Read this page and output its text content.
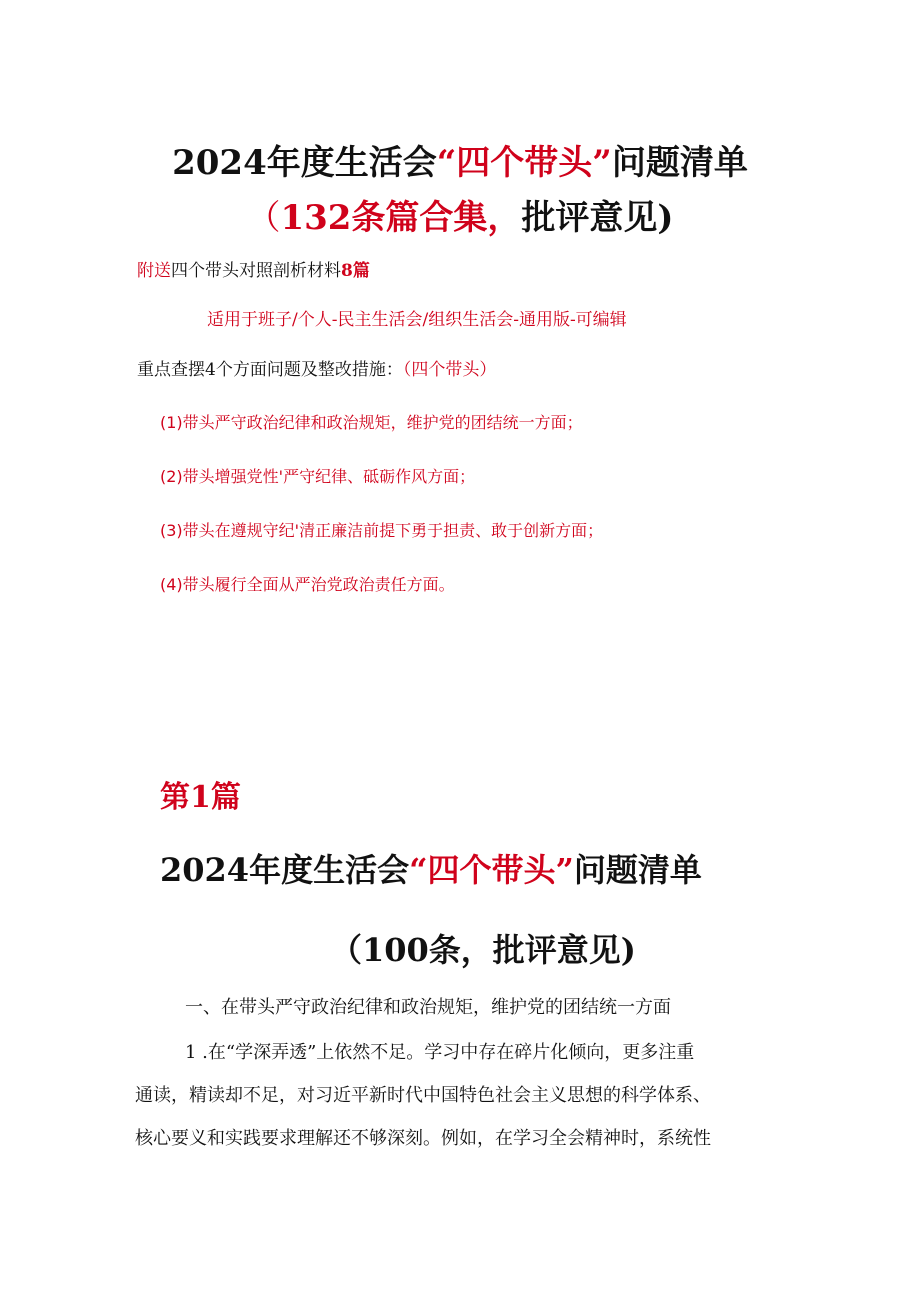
2024年度生活会“四个带头”问题清单
（132条篇合集，批评意见)
附送四个带头对照剖析材料8篇
适用于班子/个人-民主生活会/组织生活会-通用版-可编辑
重点查摆4个方面问题及整改措施：（四个带头）
(1)带头严守政治纪律和政治规矩，维护党的团结统一方面；
(2)带头增强党性'严守纪律、砥砺作风方面；
(3)带头在遵规守纪'清正廉洁前提下勇于担责、敢于创新方面；
(4)带头履行全面从严治党政治责任方面。
第1篇
2024年度生活会“四个带头”问题清单
（100条，批评意见)
一、在带头严守政治纪律和政治规矩，维护党的团结统一方面
1 .在“学深弄透”上依然不足。学习中存在碎片化倾向，更多注重
通读，精读却不足，对习近平新时代中国特色社会主义思想的科学体系、
核心要义和实践要求理解还不够深刻。例如，在学习全会精神时，系统性
